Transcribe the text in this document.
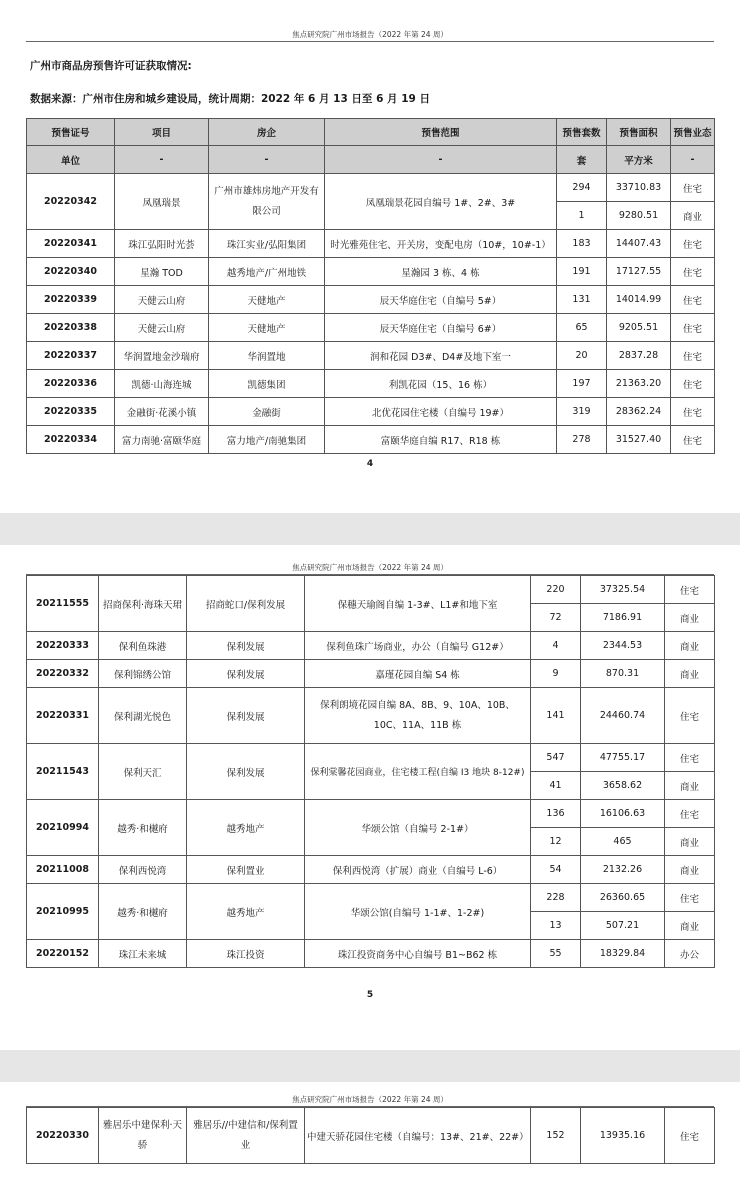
焦点研究院广州市场报告（2022 年第 24 周）
广州市商品房预售许可证获取情况:
数据来源：广州市住房和城乡建设局，统计周期：2022 年 6 月 13 日至 6 月 19 日
预售证号	项目	房企	预售范围	预售套数	预售面积	预售业态
单位	-	-	-	套	平方米	-
20220342	凤凰瑞景	广州市雄炜房地产开发有限公司	凤凰瑞景花园自编号 1#、2#、3#	294	33710.83	住宅
				1	9280.51	商业
20220341	珠江弘阳时光荟	珠江实业/弘阳集团	时光雅苑住宅、开关房，变配电房（10#，10#-1）	183	14407.43	住宅
20220340	星瀚 TOD	越秀地产/广州地铁	星瀚园 3 栋、4 栋	191	17127.55	住宅
20220339	天健云山府	天健地产	辰天华庭住宅（自编号 5#）	131	14014.99	住宅
20220338	天健云山府	天健地产	辰天华庭住宅（自编号 6#）	65	9205.51	住宅
20220337	华润置地金沙瑞府	华润置地	润和花园 D3#、D4#及地下室一	20	2837.28	住宅
20220336	凯德·山海连城	凯德集团	利凯花园（15、16 栋）	197	21363.20	住宅
20220335	金融街·花溪小镇	金融街	北优花园住宅楼（自编号 19#）	319	28362.24	住宅
20220334	富力南驰·富颐华庭	富力地产/南驰集团	富颐华庭自编 R17、R18 栋	278	31527.40	住宅
4
焦点研究院广州市场报告（2022 年第 24 周）
20211555	招商保利·海珠天珺	招商蛇口/保利发展	保穗天瑜阁自编 1-3#、L1#和地下室	220	37325.54	住宅
				72	7186.91	商业
20220333	保利鱼珠港	保利发展	保利鱼珠广场商业，办公（自编号 G12#）	4	2344.53	商业
20220332	保利锦绣公馆	保利发展	嘉瑾花园自编 S4 栋	9	870.31	商业
20220331	保利湖光悦色	保利发展	保利朗境花园自编 8A、8B、9、10A、10B、10C、11A、11B 栋	141	24460.74	住宅
20211543	保利天汇	保利发展	保利棠馨花园商业，住宅楼工程(自编 I3 地块 8-12#)	547	47755.17	住宅
				41	3658.62	商业
20210994	越秀·和樾府	越秀地产	华颂公馆（自编号 2-1#）	136	16106.63	住宅
				12	465	商业
20211008	保利西悦湾	保利置业	保利西悦湾（扩展）商业（自编号 L-6）	54	2132.26	商业
20210995	越秀·和樾府	越秀地产	华颂公馆(自编号 1-1#、1-2#)	228	26360.65	住宅
				13	507.21	商业
20220152	珠江未来城	珠江投资	珠江投资商务中心自编号 B1~B62 栋	55	18329.84	办公
5
焦点研究院广州市场报告（2022 年第 24 周）
20220330	雅居乐中建保利·天骄	雅居乐//中建信和/保利置业	中建天骄花园住宅楼（自编号：13#、21#、22#）	152	13935.16	住宅
